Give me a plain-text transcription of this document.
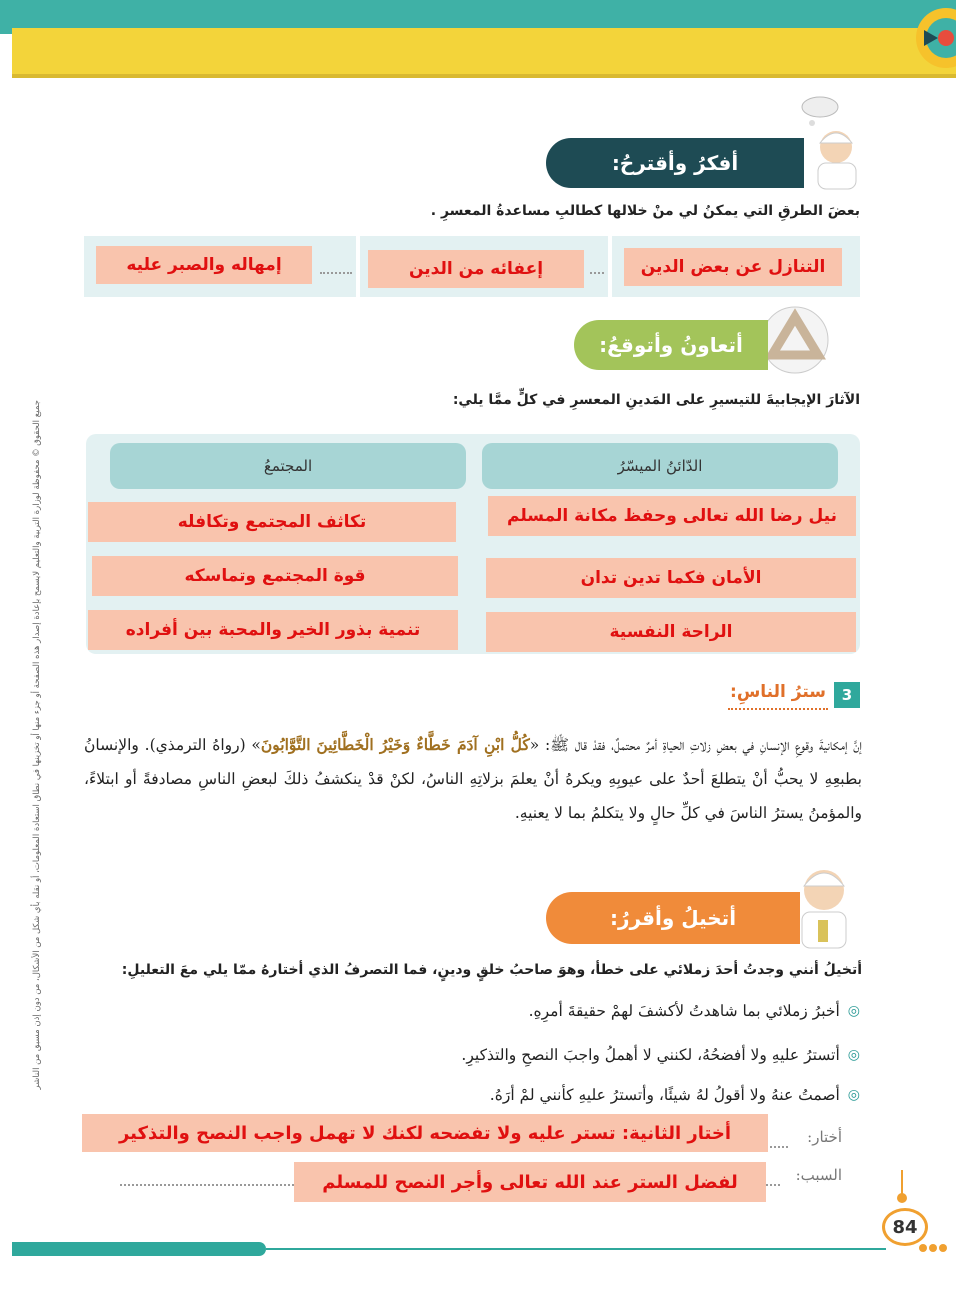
جميع الحقوق © محفوظة لوزارة التربية والتعليم لايسمح بإعادة إصدار هذه الصفحة أو جزء منها أو تخزينها في نطاق استعادة المعلومات، أو نقله بأي شكل من الأشكال، من دون إذن مسبق من الناشر
أفكرُ وأقترحُ:
بعضَ الطرقِ التي يمكنُ لي منْ خلالها كطالبِ مساعدةُ المعسرِ .
التنازل عن بعض الدين
إعفائه من الدين
إمهاله والصبر عليه
أتعاونُ وأتوقعُ:
الآثارَ الإيجابيةَ للتيسيرِ على المَدينِ المعسرِ في كلٍّ ممَّا يلي:
الدّائنُ الميسّرُ
المجتمعُ
نيل رضا الله تعالى وحفظ مكانة المسلم
الأمان فكما تدين تدان
الراحة النفسية
تكاثف المجتمع وتكافله
قوة المجتمع وتماسكه
تنمية بذور الخير والمحبة بين أفراده
3
سترُ الناسِ:
إنَّ إمكانيةَ وقوعِ الإنسانِ في بعضِ زلاتِ الحياةِ أمرٌ محتملٌ، فقدْ قال ﷺ: «كُلُّ ابْنِ آدَمَ خَطَّاءٌ وَخَيْرُ الْخَطَّائِينَ التَّوَّابُونَ» (رواهُ الترمذي). والإنسانُ بطبعِهِ لا يحبُّ أنْ يتطلعَ أحدٌ على عيوبِهِ ويكرهُ أنْ يعلمَ بزلاتِهِ الناسُ، لكنْ قدْ ينكشفُ ذلكَ لبعضِ الناسِ مصادفةً أو ابتلاءً، والمؤمنُ يسترُ الناسَ في كلِّ حالٍ ولا يتكلمُ بما لا يعنيهِ.
أتخيلُ وأقررُ:
أتخيلُ أنني وجدتُ أحدَ زملائي على خطأ، وهوَ صاحبُ خلقٍ ودينٍ، فما التصرفُ الذي أختارهُ ممّا يلي معَ التعليلِ:
◎
أخبرُ زملائي بما شاهدتُ لأكشفَ لهمْ حقيقةَ أمرِهِ.
◎
أتسترُ عليهِ ولا أفضحُهُ، لكنني لا أهملُ واجبَ النصحِ والتذكيرِ.
◎
أصمتُ عنهُ ولا أقولُ لهُ شيئًا، وأتسترُ عليهِ كأنني لمْ أرَهُ.
أختار:
أختار الثانية: تستر عليه ولا تفضحه لكنك لا تهمل واجب النصح والتذكير
السبب:
لفضل الستر عند الله تعالى وأجر النصح للمسلم
84
